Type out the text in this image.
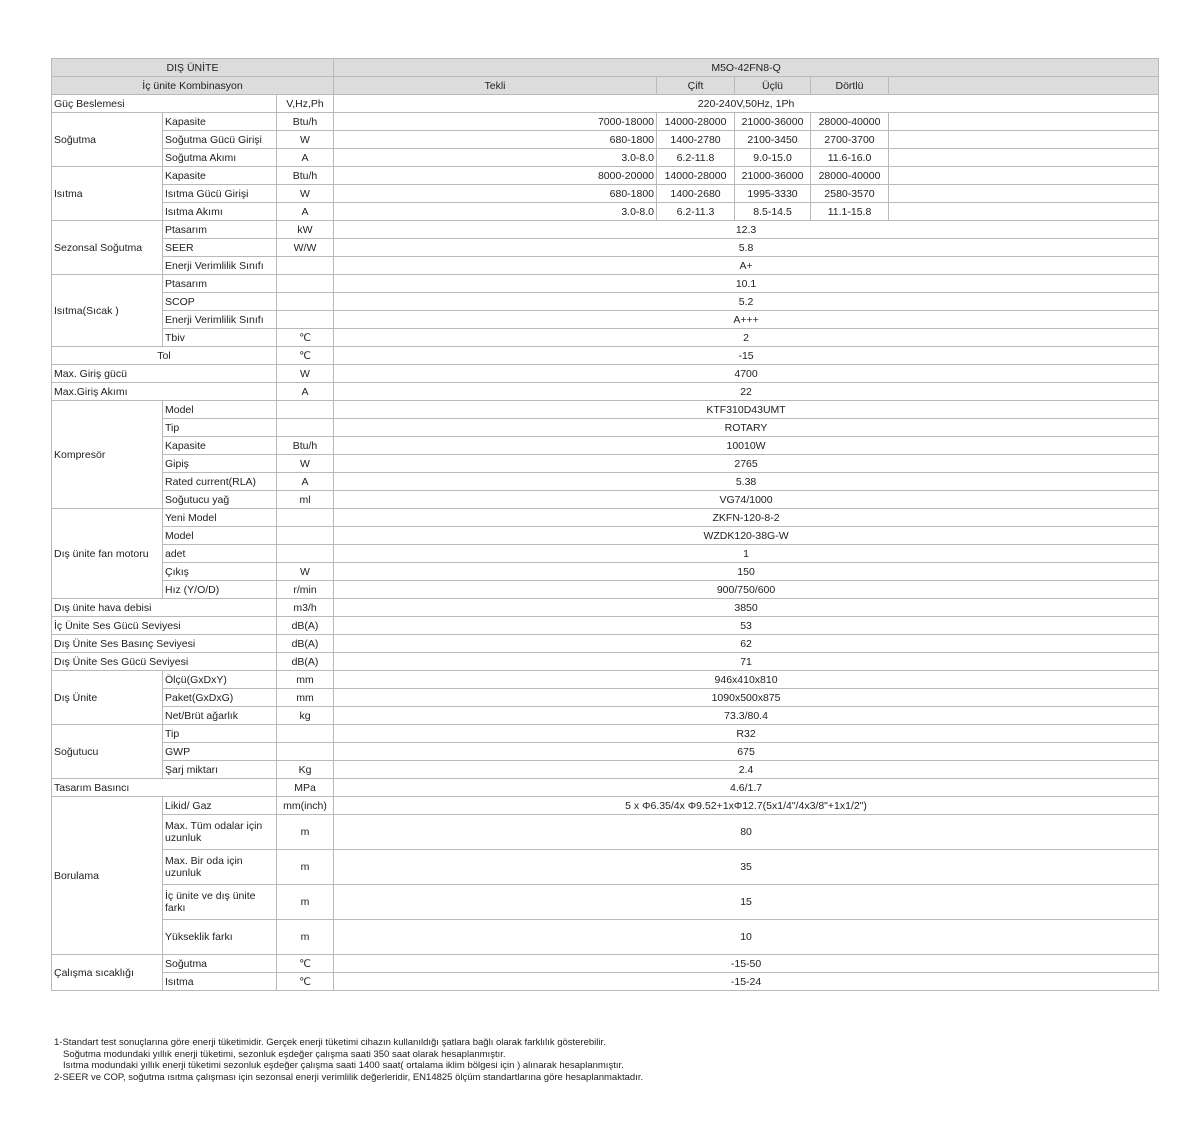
DIŞ ÜNİTE			M5O-42FN8-Q				
İç ünite Kombinasyon			Tekli	Çift	Üçlü	Dörtlü	
Güç Beslemesi		V,Hz,Ph	220-240V,50Hz, 1Ph				
Soğutma	Kapasite	Btu/h	7000-18000	14000-28000	21000-36000	28000-40000	
	Soğutma Gücü Girişi	W	680-1800	1400-2780	2100-3450	2700-3700	
	Soğutma Akımı	A	3.0-8.0	6.2-11.8	9.0-15.0	11.6-16.0	
Isıtma	Kapasite	Btu/h	8000-20000	14000-28000	21000-36000	28000-40000	
	Isıtma Gücü Girişi	W	680-1800	1400-2680	1995-3330	2580-3570	
	Isıtma Akımı	A	3.0-8.0	6.2-11.3	8.5-14.5	11.1-15.8	
Sezonsal Soğutma	Ptasarım	kW	12.3				
	SEER	W/W	5.8				
	Enerji Verimlilik Sınıfı		A+				
Isıtma(Sıcak )	Ptasarım		10.1				
	SCOP		5.2				
	Enerji Verimlilik Sınıfı		A+++				
	Tbiv	℃	2				
Tol		℃	-15				
Max. Giriş gücü		W	4700				
Max.Giriş Akımı		A	22				
Kompresör	Model		KTF310D43UMT				
	Tip		ROTARY				
	Kapasite	Btu/h	10010W				
	Gipiş	W	2765				
	Rated current(RLA)	A	5.38				
	Soğutucu yağ	ml	VG74/1000				
Dış ünite fan motoru	Yeni Model		ZKFN-120-8-2				
	Model		WZDK120-38G-W				
	adet		1				
	Çıkış	W	150				
	Hız (Y/O/D)	r/min	900/750/600				
Dış ünite hava debisi		m3/h	3850				
İç Ünite Ses Gücü Seviyesi		dB(A)	53				
Dış Ünite Ses Basınç Seviyesi		dB(A)	62				
Dış Ünite Ses Gücü Seviyesi		dB(A)	71				
Dış Ünite	Ölçü(GxDxY)	mm	946x410x810				
	Paket(GxDxG)	mm	1090x500x875				
	Net/Brüt ağarlık	kg	73.3/80.4				
Soğutucu	Tip		R32				
	GWP		675				
	Şarj miktarı	Kg	2.4				
Tasarım Basıncı		MPa	4.6/1.7				
Borulama	Likid/ Gaz	mm(inch)	5 x Φ6.35/4x Φ9.52+1xΦ12.7(5x1/4"/4x3/8"+1x1/2")				
	Max. Tüm odalar için uzunluk	m	80				
	Max. Bir oda için uzunluk	m	35				
	İç ünite ve dış ünite farkı	m	15				
	Yükseklik farkı	m	10				
Çalışma sıcaklığı	Soğutma	℃	-15-50				
	Isıtma	℃	-15-24				
1-Standart test sonuçlarına göre enerji tüketimidir. Gerçek enerji tüketimi cihazın kullanıldığı şatlara bağlı olarak farklılık gösterebilir.
Soğutma modundaki yıllık enerji tüketimi, sezonluk eşdeğer çalışma saati 350 saat olarak hesaplanmıştır.
Isıtma modundaki yıllık enerji tüketimi sezonluk eşdeğer çalışma saati 1400 saat( ortalama iklim bölgesi için ) alınarak hesaplanmıştır.
2-SEER ve COP, soğutma ısıtma çalışması için sezonsal enerji verimlilik değerleridir, EN14825 ölçüm standartlarına göre hesaplanmaktadır.
